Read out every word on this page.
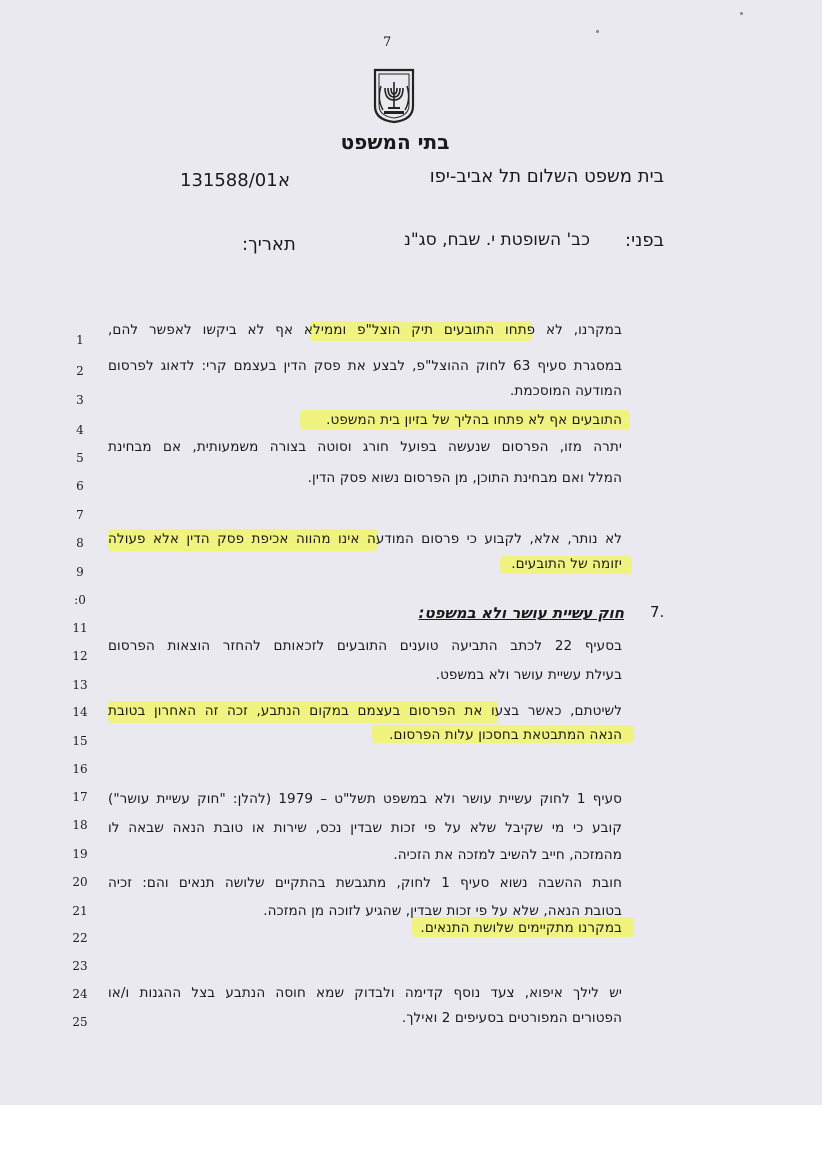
7
בתי המשפט
בית משפט השלום תל אביב-יפו
א
131588/01
בפני:
כב' השופטת י. שבח, סג"נ
תאריך:
1
2
3
4
5
6
7
8
9
:0
11
12
13
14
15
16
17
18
19
20
21
22
23
24
25
במקרנו, לא פתחו התובעים תיק הוצל"פ וממילא אף לא ביקשו לאפשר להם,
במסגרת סעיף 63 לחוק ההוצל"פ, לבצע את פסק הדין בעצמם קרי: לדאוג לפרסום
המודעה המוסכמת.
התובעים אף לא פתחו בהליך של בזיון בית המשפט.
יתרה מזו, הפרסום שנעשה בפועל חורג וסוטה בצורה משמעותית, אם מבחינת
המלל ואם מבחינת התוכן, מן הפרסום נשוא פסק הדין.
לא נותר, אלא, לקבוע כי פרסום המודעה אינו מהווה אכיפת פסק הדין אלא פעולה
יזומה של התובעים.
7.
חוק עשיית עושר ולא במשפט:
בסעיף 22 לכתב התביעה טוענים התובעים לזכאותם להחזר הוצאות הפרסום
בעילת עשיית עושר ולא במשפט.
לשיטתם, כאשר בצעו את הפרסום בעצמם במקום הנתבע, זכה זה האחרון בטובת
הנאה המתבטאת בחסכון עלות הפרסום.
סעיף 1 לחוק עשיית עושר ולא במשפט תשל"ט – 1979 (להלן: "חוק עשיית עושר")
קובע כי מי שקיבל שלא על פי זכות שבדין נכס, שירות או טובת הנאה שבאה לו
מהמזכה, חייב להשיב למזכה את הזכיה.
חובת ההשבה נשוא סעיף 1 לחוק, מתגבשת בהתקיים שלושה תנאים והם: זכיה
בטובת הנאה, שלא על פי זכות שבדין, שהגיע לזוכה מן המזכה.
במקרנו מתקיימים שלושת התנאים.
יש לילך איפוא, צעד נוסף קדימה ולבדוק שמא חוסה הנתבע בצל ההגנות ו/או
הפטורים המפורטים בסעיפים 2 ואילך.
